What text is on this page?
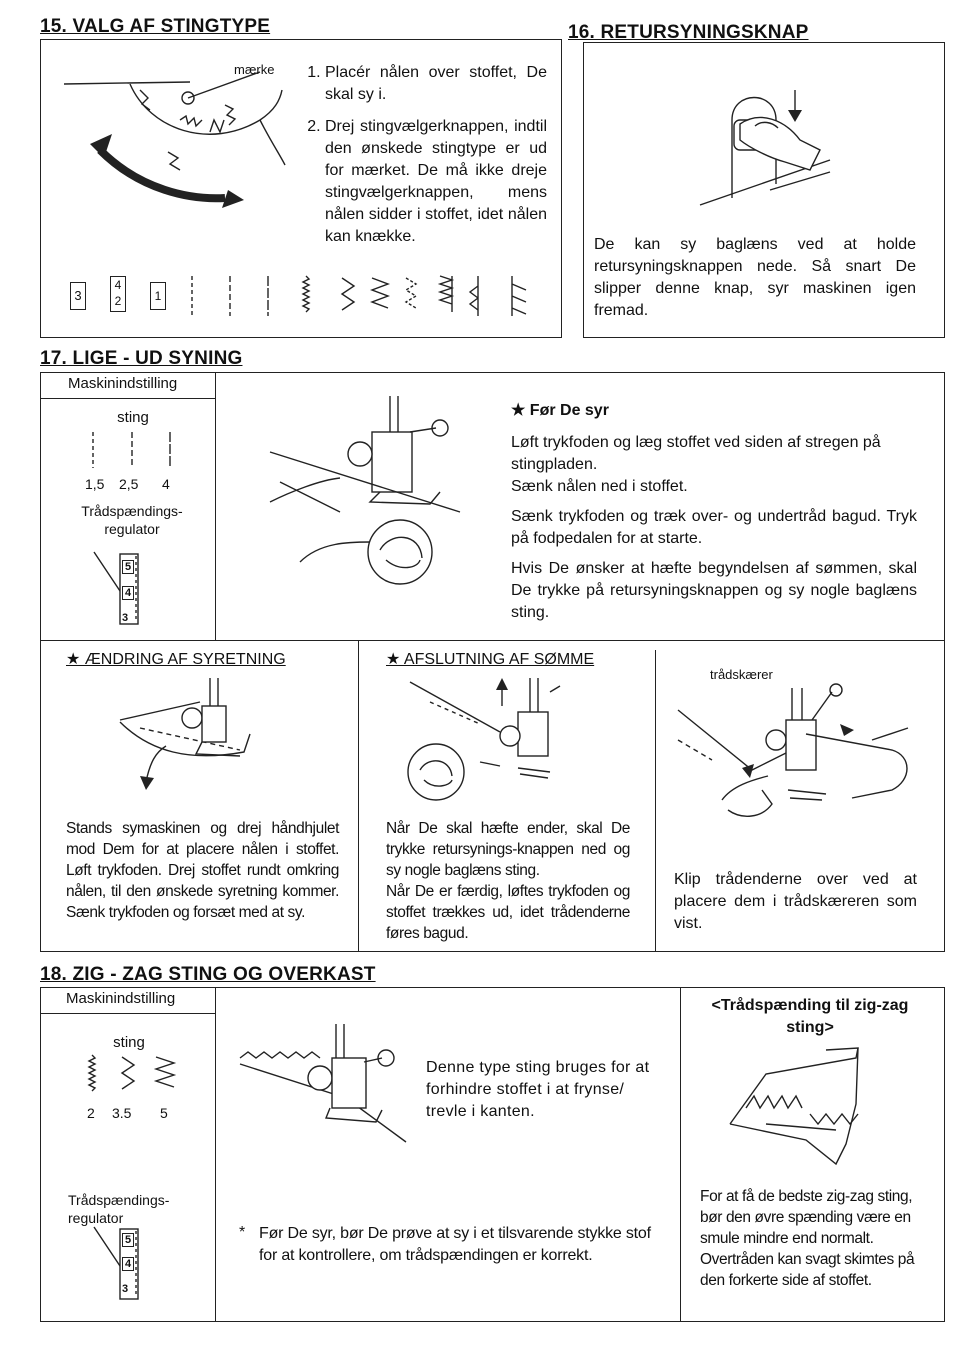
15. VALG AF STINGTYPE
mærke
1.	Placér nålen over stoffet, De skal sy i.
2. Drej stingvælgerknappen, indtil den ønskede stingtype er ud for mærket. De må ikke dreje stingvælgerknappen, mens nålen sidder i stoffet, idet nålen kan knække.
3
4
2	1
16. RETURSYNINGSKNAP
De kan sy baglæns ved at holde retursyningsknappen nede. Så snart De slipper denne knap, syr maskinen igen fremad.
17. LIGE - UD SYNING
Maskinindstilling
sting
1,5 2,5 4
Trådspændings-
regulator
5
4
3
★ Før De syr

Løft trykfoden og læg stoffet ved siden af stregen på stingpladen.
Sænk nålen ned i stoffet.

Sænk trykfoden og træk over- og undertråd bagud. Tryk på fodpedalen for at starte.

Hvis De ønsker at hæfte begyndelsen af sømmen, skal De trykke på retursyningsknappen og sy nogle baglæns sting.

★ ÆNDRING AF SYRETNING
Stands symaskinen og drej håndhjulet mod Dem for at placere nålen i stoffet. Løft trykfoden. Drej stoffet rundt omkring nålen, til den ønskede syretning kommer. Sænk trykfoden og forsæt med at sy.
★ AFSLUTNING AF SØMME
Når De skal hæfte ender, skal De trykke retursynings-knappen ned og sy nogle baglæns sting.
Når De er færdig, løftes trykfoden og stoffet trækkes ud, idet trådenderne føres bagud.
trådskærer
Klip trådenderne over ved at placere dem i trådskæreren som vist.
18. ZIG - ZAG STING OG OVERKAST
Maskinindstilling
sting
2 3.5 5
Trådspændings-
regulator
5
4
3
Denne type sting bruges for at forhindre stoffet i at frynse/ trevle i kanten.
* Før De syr, bør De prøve at sy i et tilsvarende stykke stof for at kontrollere, om trådspændingen er korrekt.
<Trådspænding til zig-zag sting>
For at få de bedste zig-zag sting, bør den øvre spænding være en smule mindre end normalt. Overtråden kan svagt skimtes på den forkerte side af stoffet.
